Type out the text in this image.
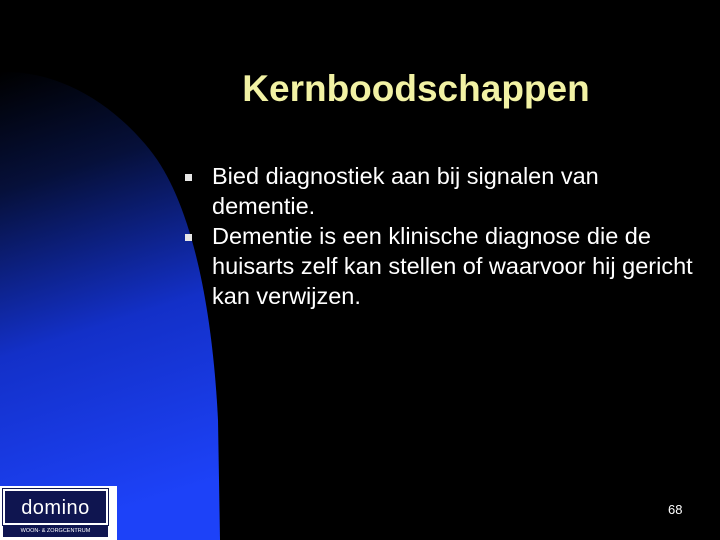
Kernboodschappen
Bied diagnostiek aan bij signalen van dementie.
Dementie is een klinische diagnose die de huisarts zelf kan stellen of waarvoor hij gericht kan verwijzen.
68
domino
WOON- & ZORGCENTRUM
